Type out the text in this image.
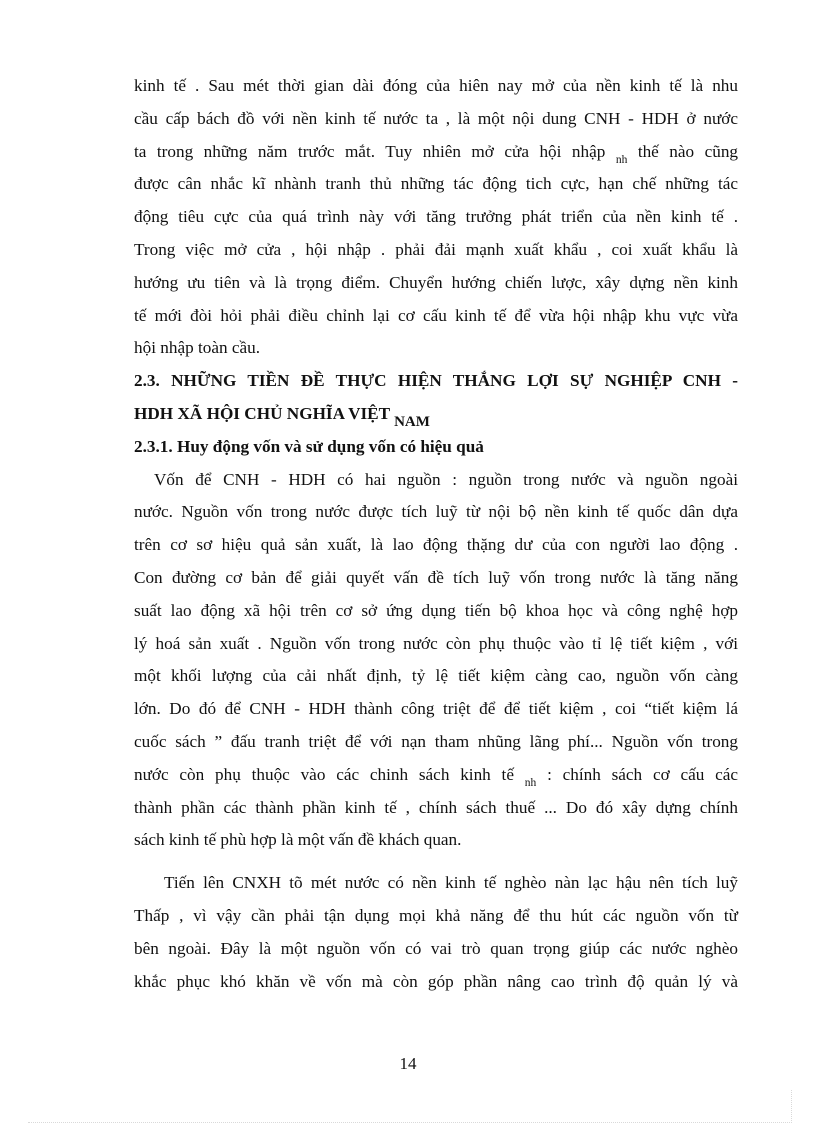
kinh tế . Sau mét thời gian dài đóng của hiên nay mở của nền kinh tế là nhu
cầu cấp bách đồ với nền kinh tế nước ta , là một nội dung CNH - HDH ở nước
ta trong những năm trước mắt. Tuy nhiên mở cửa hội nhập $_{nh}$ thế nào cũng
được cân nhắc kĩ nhành tranh thủ những tác động tich cực, hạn chế những tác
động tiêu cực của quá trình này với tăng trưởng phát triển của nền kinh tế .
Trong việc mở cửa , hội nhập . phải đải mạnh xuất khẩu , coi xuất khẩu là
hướng ưu tiên và là trọng điểm. Chuyển hướng chiến lược, xây dựng nền kinh
tế mới đòi hỏi phải điều chỉnh lại cơ cấu kinh tế để vừa hội nhập khu vực vừa
hội nhập toàn cầu.
2.3. NHỮNG TIỀN ĐỀ THỰC HIỆN THẮNG LỢI SỰ NGHIỆP CNH -
HDH XÃ HỘI CHỦ NGHĨA VIỆT NAM
2.3.1. Huy động vốn và sử dụng vốn có hiệu quả
Vốn để CNH - HDH có hai nguồn : nguồn trong nước và nguồn ngoài
nước. Nguồn vốn trong nước được tích luỹ từ nội bộ nền kinh tế quốc dân dựa
trên cơ sơ hiệu quả sản xuất, là lao động thặng dư của con người lao động .
Con đường cơ bản để giải quyết vấn đề tích luỹ vốn trong nước là tăng năng
suất lao động xã hội trên cơ sở ứng dụng tiến bộ khoa học và công nghệ hợp
lý hoá sản xuất . Nguồn vốn trong nước còn phụ thuộc vào tỉ lệ tiết kiệm , với
một khối lượng của cải nhất định, tỷ lệ tiết kiệm càng cao, nguồn vốn càng
lớn. Do đó để CNH - HDH thành công triệt để để tiết kiệm , coi “tiết kiệm lá
cuốc sách ” đấu tranh triệt để với nạn tham nhũng lãng phí... Nguồn vốn trong
nước còn phụ thuộc vào các chinh sách kinh tế $_{nh}$ : chính sách cơ cấu các
thành phần các thành phần kinh tế , chính sách thuế ... Do đó xây dựng chính
sách kinh tế phù hợp là một vấn đề khách quan.
Tiến lên CNXH tõ mét nước có nền kinh tế nghèo nàn lạc hậu nên tích luỹ
Thấp , vì vậy cần phải tận dụng mọi khả năng để thu hút các nguồn vốn từ
bên ngoài. Đây là một nguồn vốn có vai trò quan trọng giúp các nước nghèo
khắc phục khó khăn về vốn mà còn góp phần nâng cao trình độ quản lý và
14
